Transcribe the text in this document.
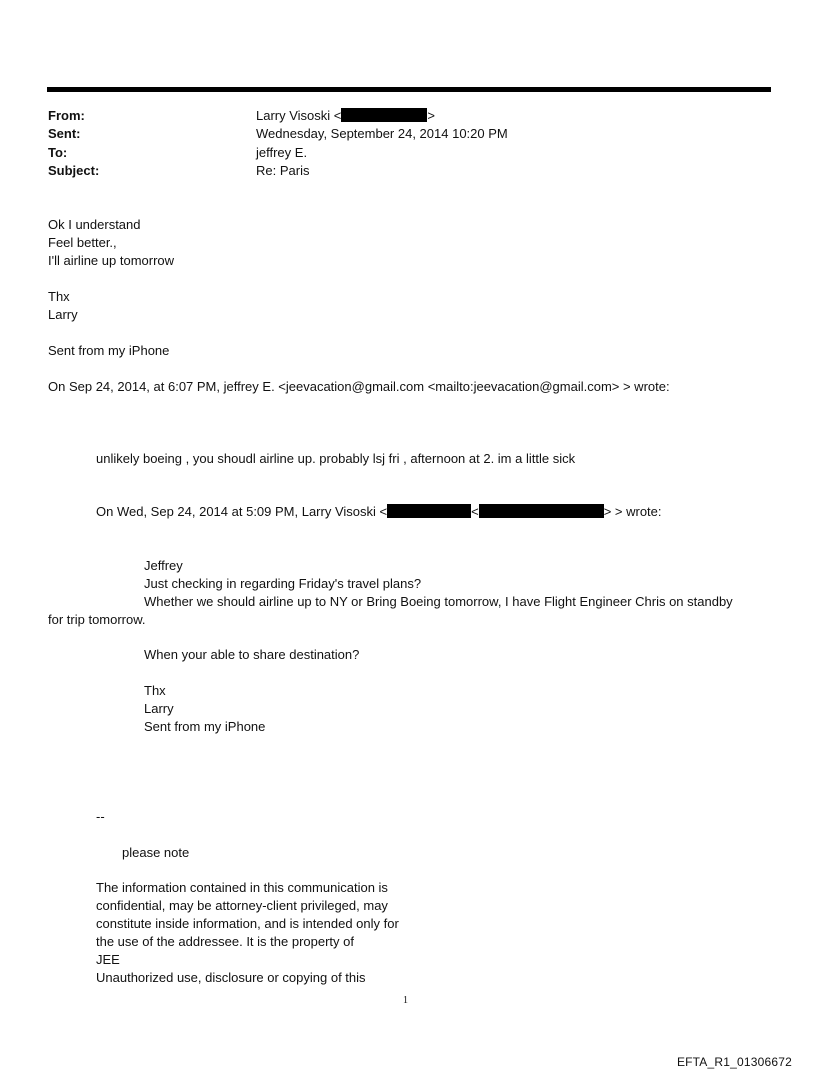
From:	Larry Visoski <	>
Sent:	Wednesday, September 24, 2014 10:20 PM
To:	jeffrey E.
Subject:	Re: Paris
Ok I understand
Feel better.,
I'll airline up tomorrow
Thx
Larry
Sent from my iPhone
On Sep 24, 2014, at 6:07 PM, jeffrey E. <jeevacation@gmail.com <mailto:jeevacation@gmail.com> > wrote:
unlikely boeing , you shoudl airline up. probably lsj fri , afternoon at 2. im a little sick
On Wed, Sep 24, 2014 at 5:09 PM, Larry Visoski <	<	> > wrote:
Jeffrey
Just checking in regarding Friday's travel plans?
Whether we should airline up to NY or Bring Boeing tomorrow, I have Flight Engineer Chris on standby
for trip tomorrow.
When your able to share destination?
Thx
Larry
Sent from my iPhone
--
please note
The information contained in this communication is
confidential, may be attorney-client privileged, may
constitute inside information, and is intended only for
the use of the addressee. It is the property of
JEE
Unauthorized use, disclosure or copying of this
1
EFTA_R1_01306672
